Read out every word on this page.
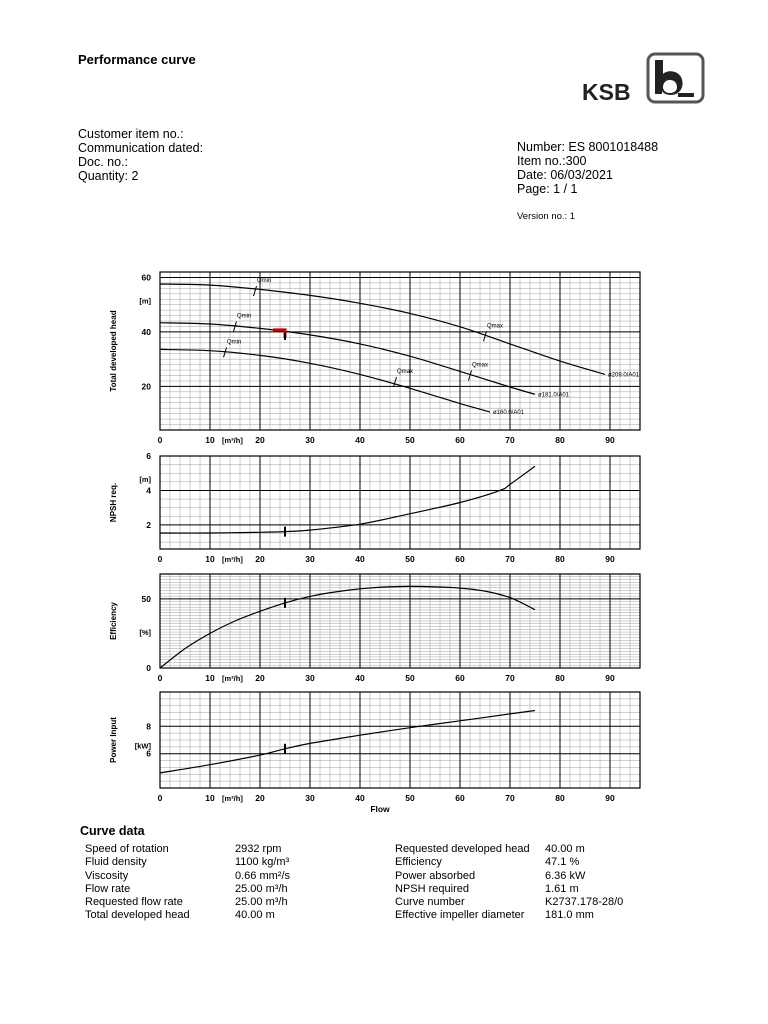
Performance curve
KSB
Customer item no.:
Communication dated:
Doc. no.:
Quantity: 2
Number: ES 8001018488
Item no.:300
Date: 06/03/2021
Page: 1 / 1
Version no.: 1
0	10	20	30	40	50	60	70	80	90
20
40
60
[m³/h]
[m]
Total developed head	ø209.0/A01
ø181.0/A01
ø160.0/A01
Qmin
Qmax
Qmin
Qmax
Qmin
Qmax
0	10	20	30	40	50	60	70	80	90
2
4
6
[m³/h]
[m]
NPSH req.
0	10	20	30	40	50	60	70	80	90
0
50
[m³/h]
[%]
Efficiency
0	10	20	30	40	50	60	70	80	90
6
8
[m³/h]
[kW]
Power Input
Flow
Curve data
Speed of rotation	2932 rpm
Fluid density	1100 kg/m³
Viscosity	0.66 mm²/s
Flow rate	25.00 m³/h
Requested flow rate	25.00 m³/h
Total developed head	40.00 m
Requested developed head	40.00 m
Efficiency	47.1 %
Power absorbed	6.36 kW
NPSH required	1.61 m
Curve number	K2737.178-28/0
Effective impeller diameter	181.0 mm
